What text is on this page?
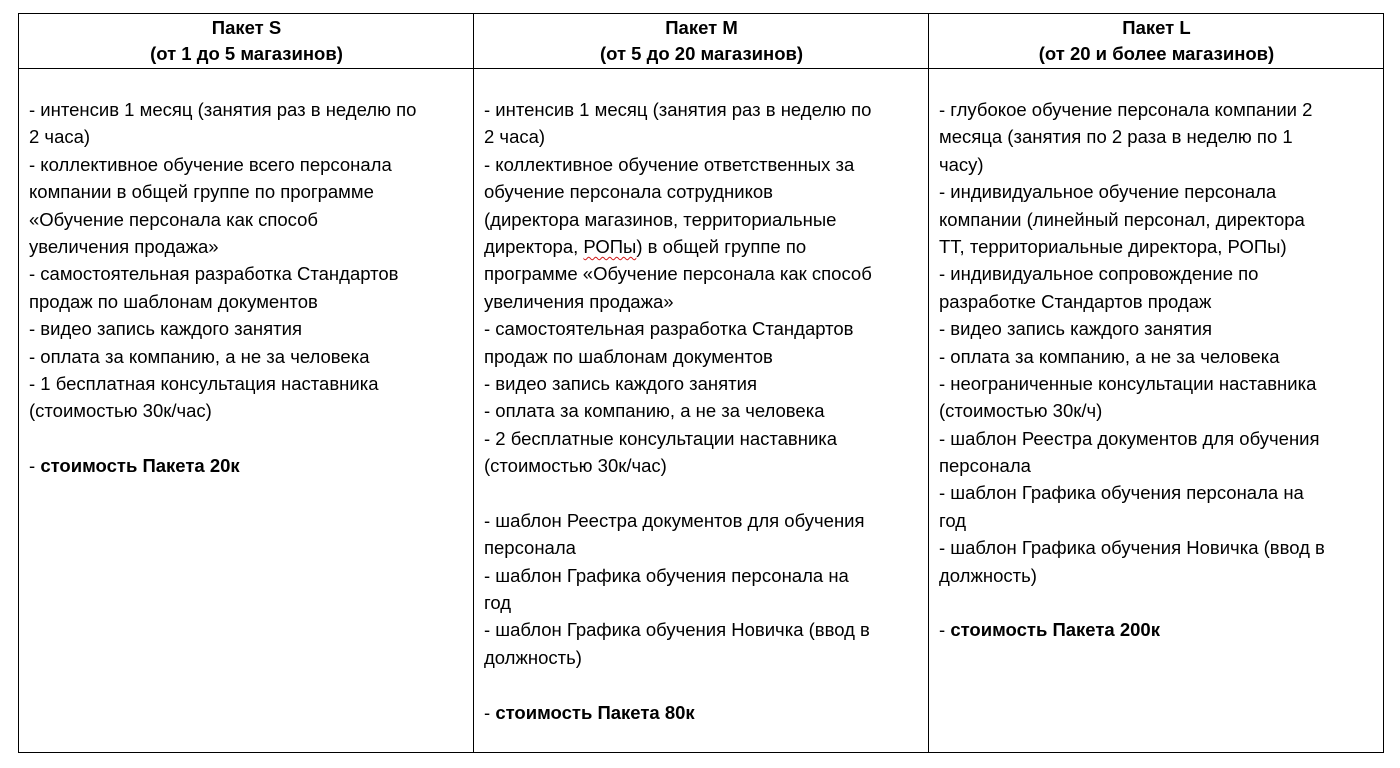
Пакет S
(от 1 до 5 магазинов)
Пакет M
(от 5 до 20 магазинов)
Пакет L
(от 20 и более магазинов)
- интенсив 1 месяц (занятия раз в неделю по
2 часа)
- коллективное обучение всего персонала
компании в общей группе по программе
«Обучение персонала как способ
увеличения продажа»
- самостоятельная разработка Стандартов
продаж по шаблонам документов
- видео запись каждого занятия
- оплата за компанию, а не за человека
- 1 бесплатная консультация наставника
(стоимостью 30к/час)
- стоимость Пакета 20к
- интенсив 1 месяц (занятия раз в неделю по
2 часа)
- коллективное обучение ответственных за
обучение персонала сотрудников
(директора магазинов, территориальные
директора, РОПы) в общей группе по
программе «Обучение персонала как способ
увеличения продажа»
- самостоятельная разработка Стандартов
продаж по шаблонам документов
- видео запись каждого занятия
- оплата за компанию, а не за человека
- 2 бесплатные консультации наставника
(стоимостью 30к/час)
- шаблон Реестра документов для обучения
персонала
- шаблон Графика обучения персонала на
год
- шаблон Графика обучения Новичка (ввод в
должность)
- стоимость Пакета 80к
- глубокое обучение персонала компании 2
месяца (занятия по 2 раза в неделю по 1
часу)
- индивидуальное обучение персонала
компании (линейный персонал, директора
ТТ, территориальные директора, РОПы)
- индивидуальное сопровождение по
разработке Стандартов продаж
- видео запись каждого занятия
- оплата за компанию, а не за человека
- неограниченные консультации наставника
(стоимостью 30к/ч)
- шаблон Реестра документов для обучения
персонала
- шаблон Графика обучения персонала на
год
- шаблон Графика обучения Новичка (ввод в
должность)
- стоимость Пакета 200к
